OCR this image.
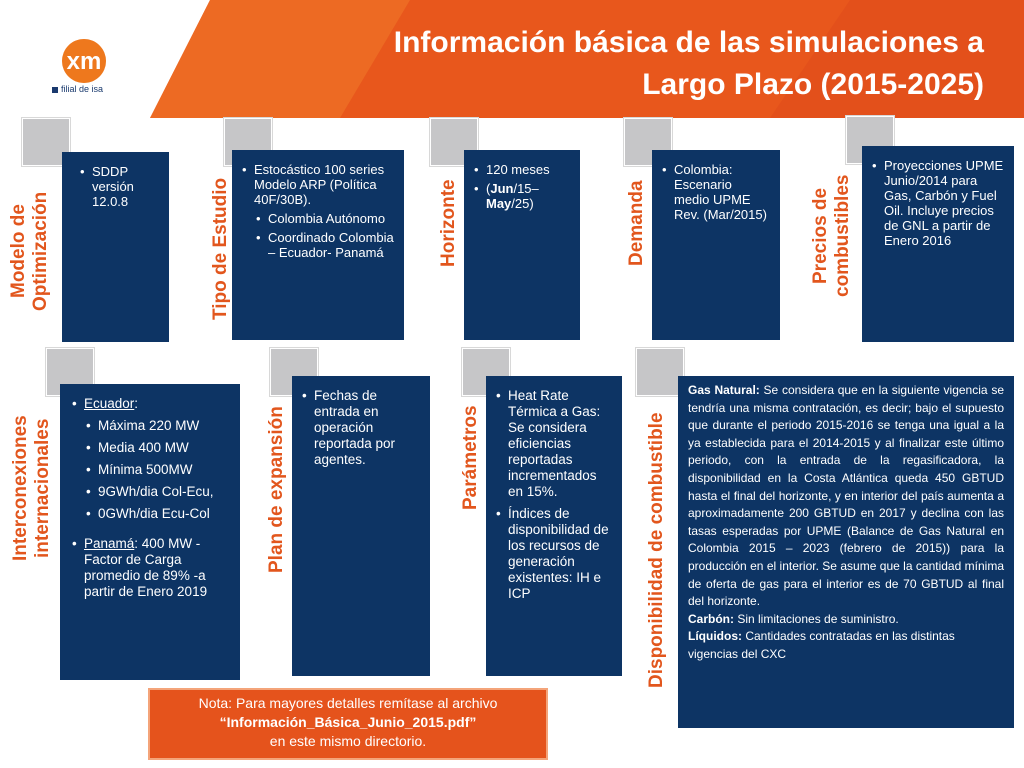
Información básica de las simulaciones a
Largo Plazo (2015-2025)
xm
filial de isa
• SDDP versión 12.0.8
Modelo de
Optimización
• Estocástico 100 series Modelo ARP (Política 40F/30B).
• Colombia Autónomo
• Coordinado Colombia – Ecuador- Panamá
Tipo de Estudio
• 120 meses
• (Jun/15–May/25)
Horizonte
• Colombia: Escenario medio UPME Rev. (Mar/2015)
Demanda
• Proyecciones UPME Junio/2014 para Gas, Carbón y Fuel Oil. Incluye precios de GNL a partir de Enero 2016
Precios de
combustibles
• Ecuador:
• Máxima 220 MW
• Media 400 MW
• Mínima 500MW
• 9GWh/dia Col-Ecu,
• 0GWh/dia Ecu-Col
• Panamá: 400 MW - Factor de Carga promedio de 89% -a partir de Enero 2019
Interconexiones
internacionales
• Fechas de entrada en operación reportada por agentes.
Plan de expansión
• Heat Rate Térmica a Gas: Se considera eficiencias reportadas incrementados en 15%.
• Índices de disponibilidad de los recursos de generación existentes: IH e ICP
Parámetros

Gas Natural: Se considera que en la siguiente vigencia se tendría una misma contratación, es decir; bajo el supuesto que durante el periodo 2015-2016 se tenga una igual a la ya establecida para el 2014-2015 y al finalizar este último periodo, con la entrada de la regasificadora, la disponibilidad en la Costa Atlántica queda 450 GBTUD hasta el final del horizonte, y en interior del país aumenta a aproximadamente 200 GBTUD en 2017 y declina con las tasas esperadas por UPME (Balance de Gas Natural en Colombia 2015 – 2023 (febrero de 2015)) para la producción en el interior. Se asume que la cantidad mínima de oferta de gas para el interior es de 70 GBTUD al final del horizonte.

Carbón: Sin limitaciones de suministro.

Líquidos: Cantidades contratadas en las distintas vigencias del CXC

Disponibilidad de combustible
Nota: Para mayores detalles remítase al archivo
“Información_Básica_Junio_2015.pdf”
en este mismo directorio.
